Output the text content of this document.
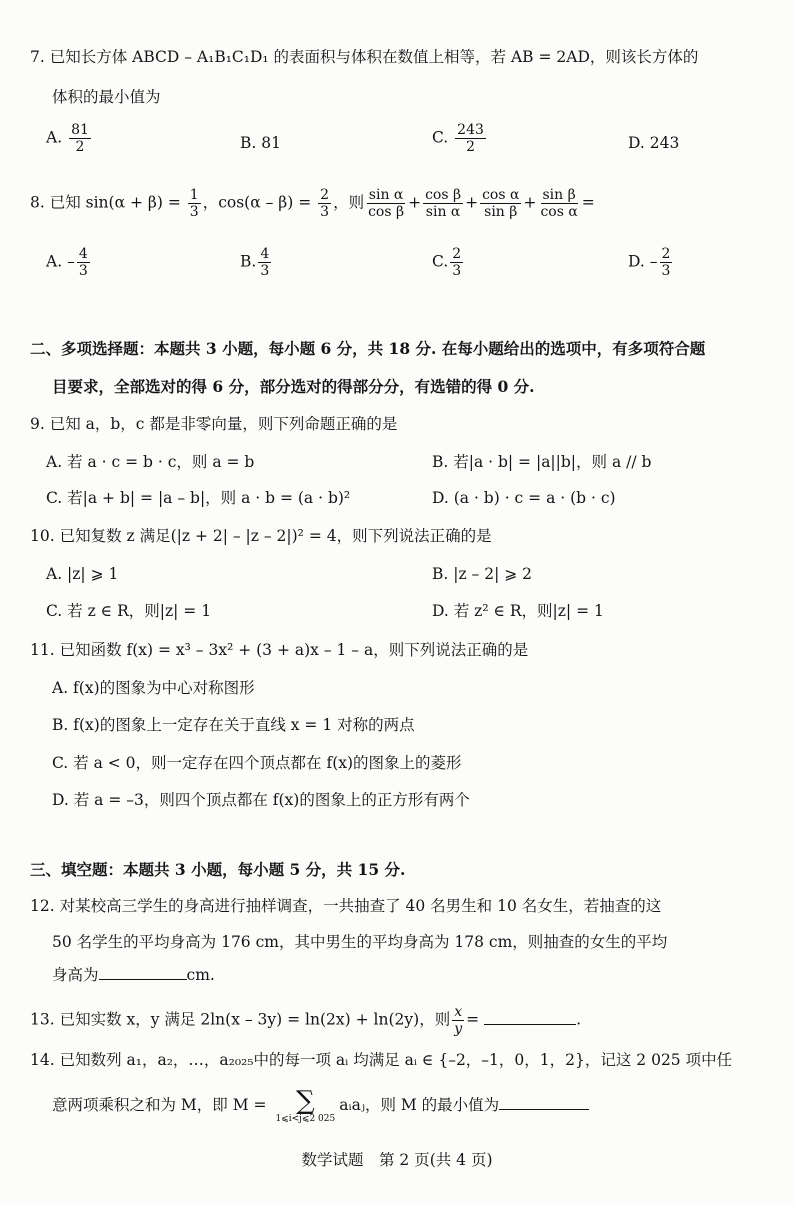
7. 已知长方体 ABCD – A₁B₁C₁D₁ 的表面积与体积在数值上相等，若 AB = 2AD，则该长方体的
体积的最小值为
A. $\frac{81}{2}$	B. 81	C. $\frac{243}{2}$	D. 243
8. 已知 $\sin(\alpha + \beta) = \frac{1}{3}$ ，$\cos(\alpha - \beta) = \frac{2}{3}$ ，则 $\frac{\text{sin α}}{\text{cos β}} + \frac{\text{cos β}}{\text{sin α}} + \frac{\text{cos α}}{\text{sin β}} + \frac{\text{sin β}}{\text{cos α}}$ =
A. – $\frac{4}{3}$	B. $\frac{4}{3}$	C. $\frac{2}{3}$	D. – $\frac{2}{3}$
二、多项选择题：本题共 3 小题，每小题 6 分，共 18 分. 在每小题给出的选项中，有多项符合题
目要求，全部选对的得 6 分，部分选对的得部分分，有选错的得 0 分.
9. 已知 a，b，c 都是非零向量，则下列命题正确的是
A. 若 a · c = b · c，则 a = b	B. 若|a · b| = |a||b|，则 a // b
C. 若|a + b| = |a – b|，则 a · b = (a · b)²	D. (a · b) · c = a · (b · c)
10. 已知复数 z 满足(|z + 2| – |z – 2|)² = 4，则下列说法正确的是
A. |z| ⩾ 1	B. |z – 2| ⩾ 2
C. 若 z ∈ R，则|z| = 1	D. 若 z² ∈ R，则|z| = 1
11. 已知函数 f(x) = x³ – 3x² + (3 + a)x – 1 – a，则下列说法正确的是
A. f(x)的图象为中心对称图形
B. f(x)的图象上一定存在关于直线 x = 1 对称的两点
C. 若 a < 0，则一定存在四个顶点都在 f(x)的图象上的菱形
D. 若 a = –3，则四个顶点都在 f(x)的图象上的正方形有两个
三、填空题：本题共 3 小题，每小题 5 分，共 15 分.
12. 对某校高三学生的身高进行抽样调查，一共抽查了 40 名男生和 10 名女生，若抽查的这
50 名学生的平均身高为 176 cm，其中男生的平均身高为 178 cm，则抽查的女生的平均
身高为	cm.
13. 已知实数 x，y 满足 2ln(x – 3y) = ln(2x) + ln(2y)，则 $\frac{x}{y}$ =	.
14. 已知数列 a₁，a₂，…，a₂₀₂₅中的每一项 aᵢ 均满足 aᵢ ∈ {–2，–1，0，1，2}，记这 2 025 项中任
意两项乘积之和为 M，即 M = ∑
1⩽i<j⩽2 025
aᵢaⱼ，则 M 的最小值为
数学试题　第 2 页(共 4 页)
